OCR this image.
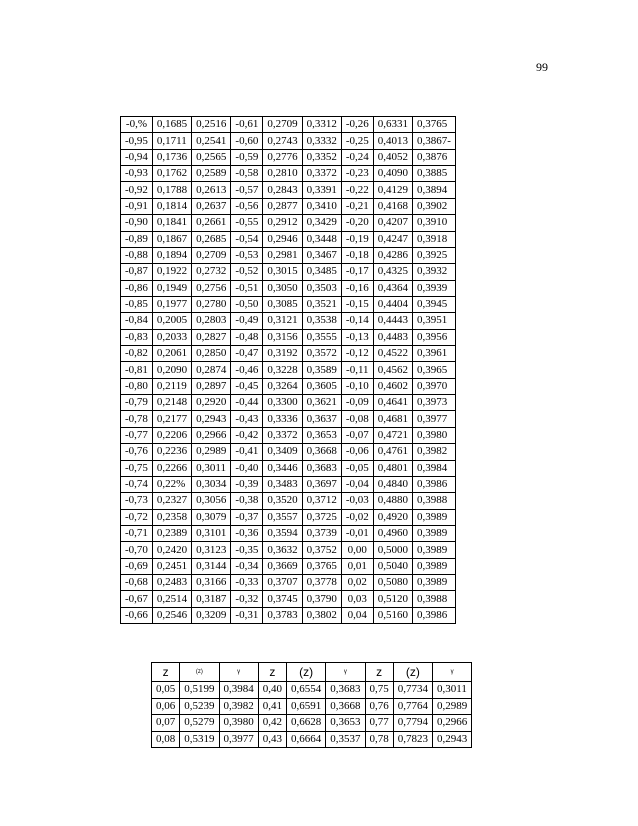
99
-0,%	0,1685	0,2516	-0,61	0,2709	0,3312	-0,26	0,6331	0,3765
-0,95	0,1711	0,2541	-0,60	0,2743	0,3332	-0,25	0,4013	0,3867-
-0,94	0,1736	0,2565	-0,59	0,2776	0,3352	-0,24	0,4052	0,3876
-0,93	0,1762	0,2589	-0,58	0,2810	0,3372	-0,23	0,4090	0,3885
-0,92	0,1788	0,2613	-0,57	0,2843	0,3391	-0,22	0,4129	0,3894
-0,91	0,1814	0,2637	-0,56	0,2877	0,3410	-0,21	0,4168	0,3902
-0,90	0,1841	0,2661	-0,55	0,2912	0,3429	-0,20	0,4207	0,3910
-0,89	0,1867	0,2685	-0,54	0,2946	0,3448	-0,19	0,4247	0,3918
-0,88	0,1894	0,2709	-0,53	0,2981	0,3467	-0,18	0,4286	0,3925
-0,87	0,1922	0,2732	-0,52	0,3015	0,3485	-0,17	0,4325	0,3932
-0,86	0,1949	0,2756	-0,51	0,3050	0,3503	-0,16	0,4364	0,3939
-0,85	0,1977	0,2780	-0,50	0,3085	0,3521	-0,15	0,4404	0,3945
-0,84	0,2005	0,2803	-0,49	0,3121	0,3538	-0,14	0,4443	0,3951
-0,83	0,2033	0,2827	-0,48	0,3156	0,3555	-0,13	0,4483	0,3956
-0,82	0,2061	0,2850	-0,47	0,3192	0,3572	-0,12	0,4522	0,3961
-0,81	0,2090	0,2874	-0,46	0,3228	0,3589	-0,11	0,4562	0,3965
-0,80	0,2119	0,2897	-0,45	0,3264	0,3605	-0,10	0,4602	0,3970
-0,79	0,2148	0,2920	-0,44	0,3300	0,3621	-0,09	0,4641	0,3973
-0,78	0,2177	0,2943	-0,43	0,3336	0,3637	-0,08	0,4681	0,3977
-0,77	0,2206	0,2966	-0,42	0,3372	0,3653	-0,07	0,4721	0,3980
-0,76	0,2236	0,2989	-0,41	0,3409	0,3668	-0,06	0,4761	0,3982
-0,75	0,2266	0,3011	-0,40	0,3446	0,3683	-0,05	0,4801	0,3984
-0,74	0,22%	0,3034	-0,39	0,3483	0,3697	-0,04	0,4840	0,3986
-0,73	0,2327	0,3056	-0,38	0,3520	0,3712	-0,03	0,4880	0,3988
-0,72	0,2358	0,3079	-0,37	0,3557	0,3725	-0,02	0,4920	0,3989
-0,71	0,2389	0,3101	-0,36	0,3594	0,3739	-0,01	0,4960	0,3989
-0,70	0,2420	0,3123	-0,35	0,3632	0,3752	0,00	0,5000	0,3989
-0,69	0,2451	0,3144	-0,34	0,3669	0,3765	0,01	0,5040	0,3989
-0,68	0,2483	0,3166	-0,33	0,3707	0,3778	0,02	0,5080	0,3989
-0,67	0,2514	0,3187	-0,32	0,3745	0,3790	0,03	0,5120	0,3988
-0,66	0,2546	0,3209	-0,31	0,3783	0,3802	0,04	0,5160	0,3986
z	(z)	γ	z	(z)	γ	z	(z)	γ
0,05	0,5199	0,3984	0,40	0,6554	0,3683	0,75	0,7734	0,3011
0,06	0,5239	0,3982	0,41	0,6591	0,3668	0,76	0,7764	0,2989
0,07	0,5279	0,3980	0,42	0,6628	0,3653	0,77	0,7794	0,2966
0,08	0,5319	0,3977	0,43	0,6664	0,3537	0,78	0,7823	0,2943
